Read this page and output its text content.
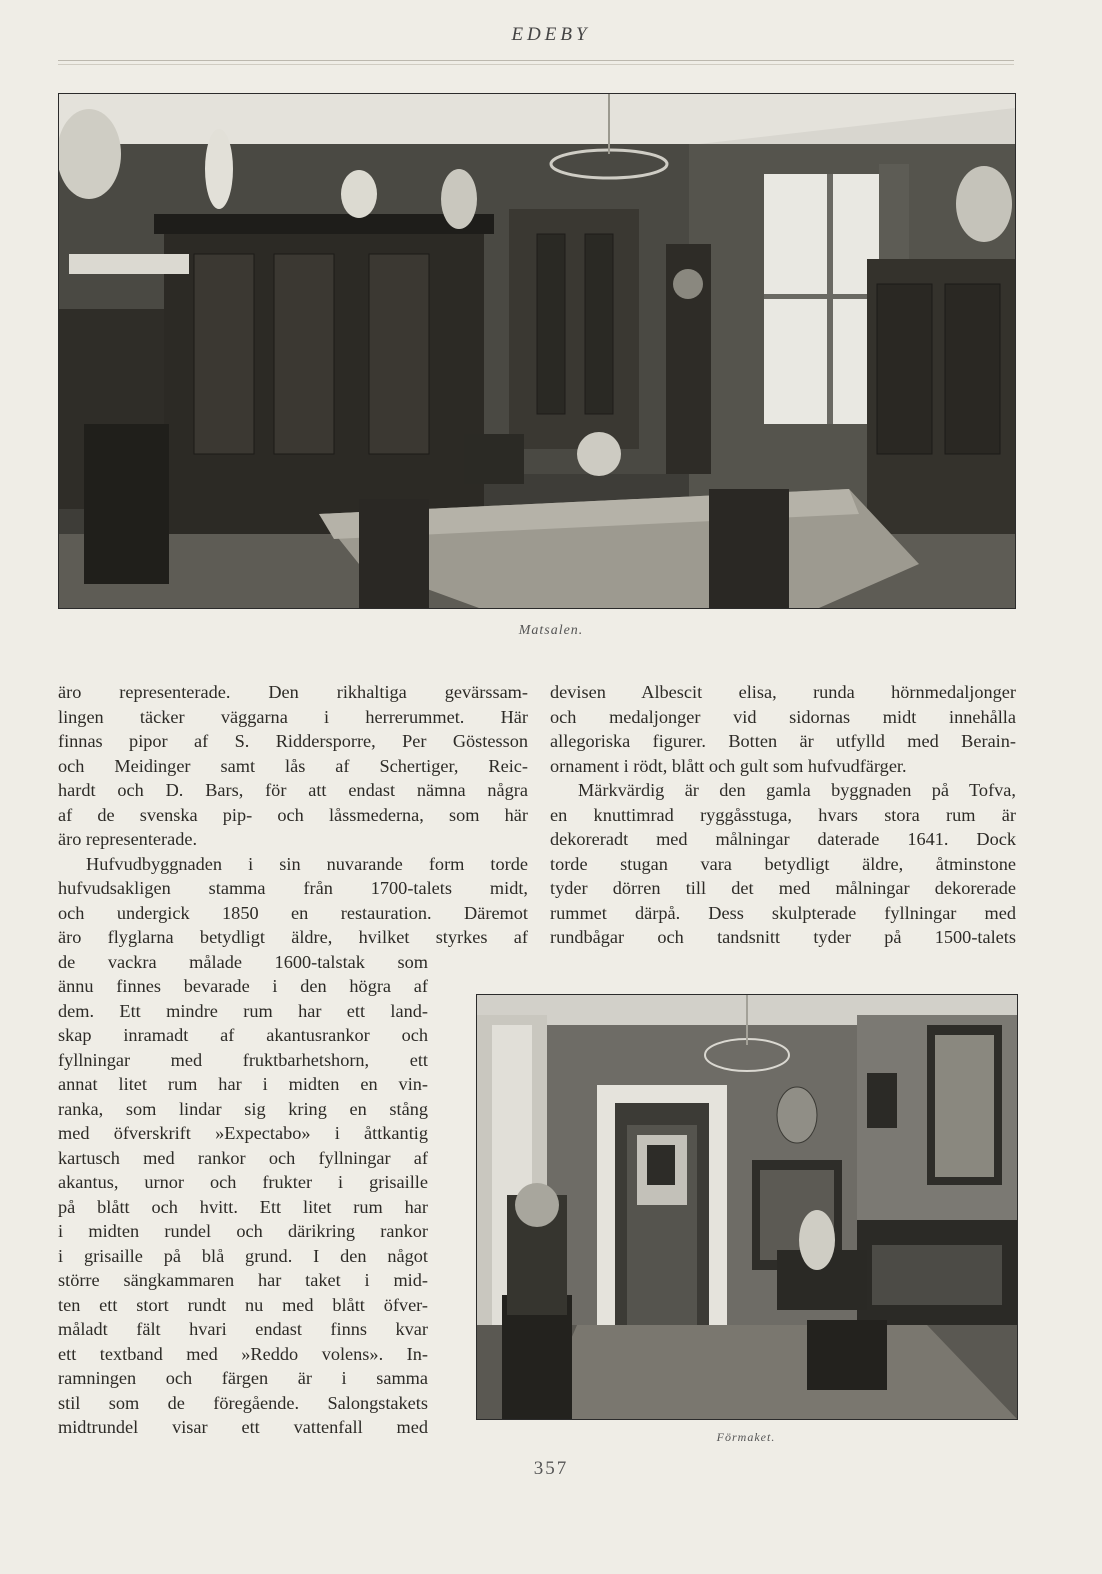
EDEBY
Matsalen.
äro representerade. Den rikhaltiga gevärssam-
lingen täcker väggarna i herrerummet. Här
finnas pipor af S. Riddersporre, Per Göstesson
och Meidinger samt lås af Schertiger, Reic-
hardt och D. Bars, för att endast nämna några
af de svenska pip- och låssmederna, som här
äro representerade.
Hufvudbyggnaden i sin nuvarande form torde
hufvudsakligen stamma från 1700-talets midt,
och undergick 1850 en restauration. Däremot
äro flyglarna betydligt äldre, hvilket styrkes af
de vackra målade 1600-talstak som
ännu finnes bevarade i den högra af
dem. Ett mindre rum har ett land-
skap inramadt af akantusrankor och
fyllningar med fruktbarhetshorn, ett
annat litet rum har i midten en vin-
ranka, som lindar sig kring en stång
med öfverskrift »Expectabo» i åttkantig
kartusch med rankor och fyllningar af
akantus, urnor och frukter i grisaille
på blått och hvitt. Ett litet rum har
i midten rundel och därikring rankor
i grisaille på blå grund. I den något
större sängkammaren har taket i mid-
ten ett stort rundt nu med blått öfver-
måladt fält hvari endast finns kvar
ett textband med »Reddo volens». In-
ramningen och färgen är i samma
stil som de föregående. Salongstakets
midtrundel visar ett vattenfall med
devisen Albescit elisa, runda hörnmedaljonger
och medaljonger vid sidornas midt innehålla
allegoriska figurer. Botten är utfylld med Berain-
ornament i rödt, blått och gult som hufvudfärger.
Märkvärdig är den gamla byggnaden på Tofva,
en knuttimrad ryggåsstuga, hvars stora rum är
dekoreradt med målningar daterade 1641. Dock
torde stugan vara betydligt äldre, åtminstone
tyder dörren till det med målningar dekorerade
rummet därpå. Dess skulpterade fyllningar med
rundbågar och tandsnitt tyder på 1500-talets
Förmaket.
357
